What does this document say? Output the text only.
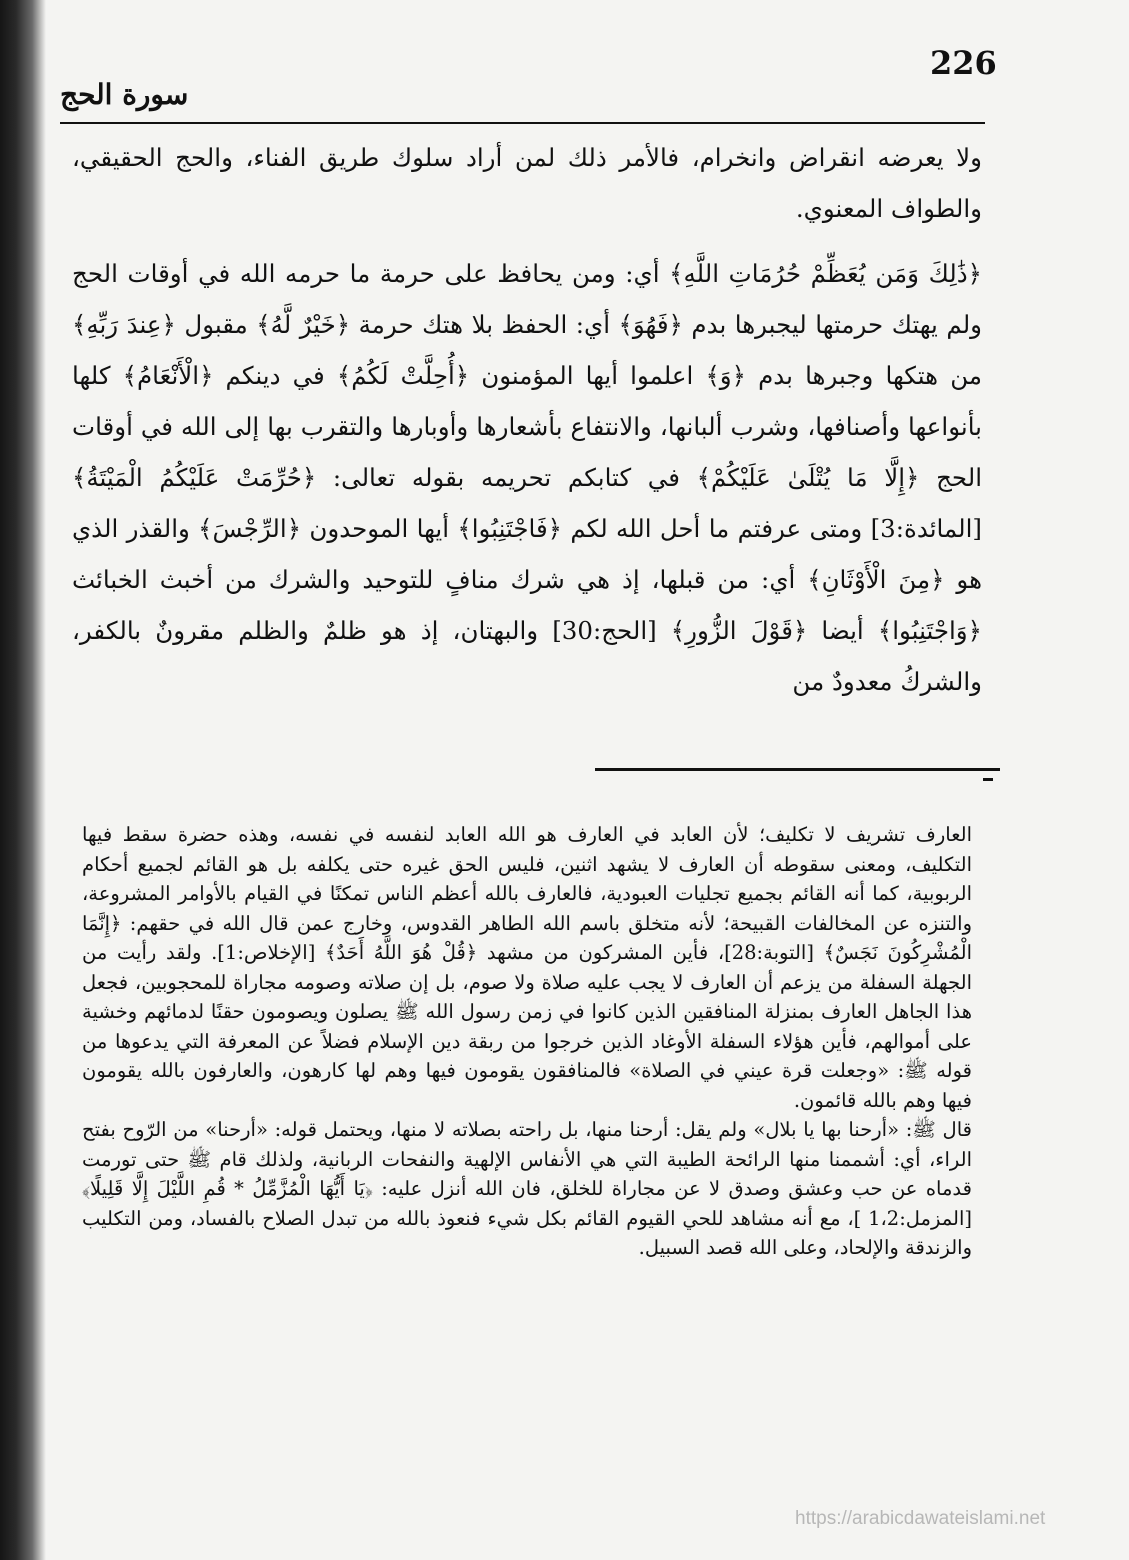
226
سورة الحج

ولا يعرضه انقراض وانخرام، فالأمر ذلك لمن أراد سلوك طريق الفناء، والحج الحقيقي، والطواف المعنوي.

﴿ذَٰلِكَ وَمَن يُعَظِّمْ حُرُمَاتِ اللَّهِ﴾ أي: ومن يحافظ على حرمة ما حرمه الله في أوقات الحج ولم يهتك حرمتها ليجبرها بدم ﴿فَهُوَ﴾ أي: الحفظ بلا هتك حرمة ﴿خَيْرٌ لَّهُ﴾ مقبول ﴿عِندَ رَبِّهِ﴾ من هتكها وجبرها بدم ﴿وَ﴾ اعلموا أيها المؤمنون ﴿أُحِلَّتْ لَكُمُ﴾ في دينكم ﴿الْأَنْعَامُ﴾ كلها بأنواعها وأصنافها، وشرب ألبانها، والانتفاع بأشعارها وأوبارها والتقرب بها إلى الله في أوقات الحج ﴿إِلَّا مَا يُتْلَىٰ عَلَيْكُمْ﴾ في كتابكم تحريمه بقوله تعالى: ﴿حُرِّمَتْ عَلَيْكُمُ الْمَيْتَةُ﴾ [المائدة:3] ومتى عرفتم ما أحل الله لكم ﴿فَاجْتَنِبُوا﴾ أيها الموحدون ﴿الرِّجْسَ﴾ والقذر الذي هو ﴿مِنَ الْأَوْثَانِ﴾ أي: من قبلها، إذ هي شرك منافٍ للتوحيد والشرك من أخبث الخبائث ﴿وَاجْتَنِبُوا﴾ أيضا ﴿قَوْلَ الزُّورِ﴾ [الحج:30] والبهتان، إذ هو ظلمٌ والظلم مقرونٌ بالكفر، والشركُ معدودٌ من

العارف تشريف لا تكليف؛ لأن العابد في العارف هو الله العابد لنفسه في نفسه، وهذه حضرة سقط فيها التكليف، ومعنى سقوطه أن العارف لا يشهد اثنين، فليس الحق غيره حتى يكلفه بل هو القائم لجميع أحكام الربوبية، كما أنه القائم بجميع تجليات العبودية، فالعارف بالله أعظم الناس تمكنًا في القيام بالأوامر المشروعة، والتنزه عن المخالفات القبيحة؛ لأنه متخلق باسم الله الطاهر القدوس، وخارج عمن قال الله في حقهم: ﴿إِنَّمَا الْمُشْرِكُونَ نَجَسٌ﴾ [التوبة:28]، فأين المشركون من مشهد ﴿قُلْ هُوَ اللَّهُ أَحَدٌ﴾ [الإخلاص:1]. ولقد رأيت من الجهلة السفلة من يزعم أن العارف لا يجب عليه صلاة ولا صوم، بل إن صلاته وصومه مجاراة للمحجوبين، فجعل هذا الجاهل العارف بمنزلة المنافقين الذين كانوا في زمن رسول الله ﷺ يصلون ويصومون حقنًا لدمائهم وخشية على أموالهم، فأين هؤلاء السفلة الأوغاد الذين خرجوا من ربقة دين الإسلام فضلاً عن المعرفة التي يدعوها من قوله ﷺ: «وجعلت قرة عيني في الصلاة» فالمنافقون يقومون فيها وهم لها كارهون، والعارفون بالله يقومون فيها وهم بالله قائمون.

قال ﷺ: «أرحنا بها يا بلال» ولم يقل: أرحنا منها، بل راحته بصلاته لا منها، ويحتمل قوله: «أرحنا» من الرّوح بفتح الراء، أي: أشممنا منها الرائحة الطيبة التي هي الأنفاس الإلهية والنفحات الربانية، ولذلك قام ﷺ حتى تورمت قدماه عن حب وعشق وصدق لا عن مجاراة للخلق، فان الله أنزل عليه: ﴿يَا أَيُّهَا الْمُزَّمِّلُ * قُمِ اللَّيْلَ إِلَّا قَلِيلًا﴾ [المزمل:1،2 ]، مع أنه مشاهد للحي القيوم القائم بكل شيء فنعوذ بالله من تبدل الصلاح بالفساد، ومن التكليب والزندقة والإلحاد، وعلى الله قصد السبيل.

https://arabicdawateislami.net
